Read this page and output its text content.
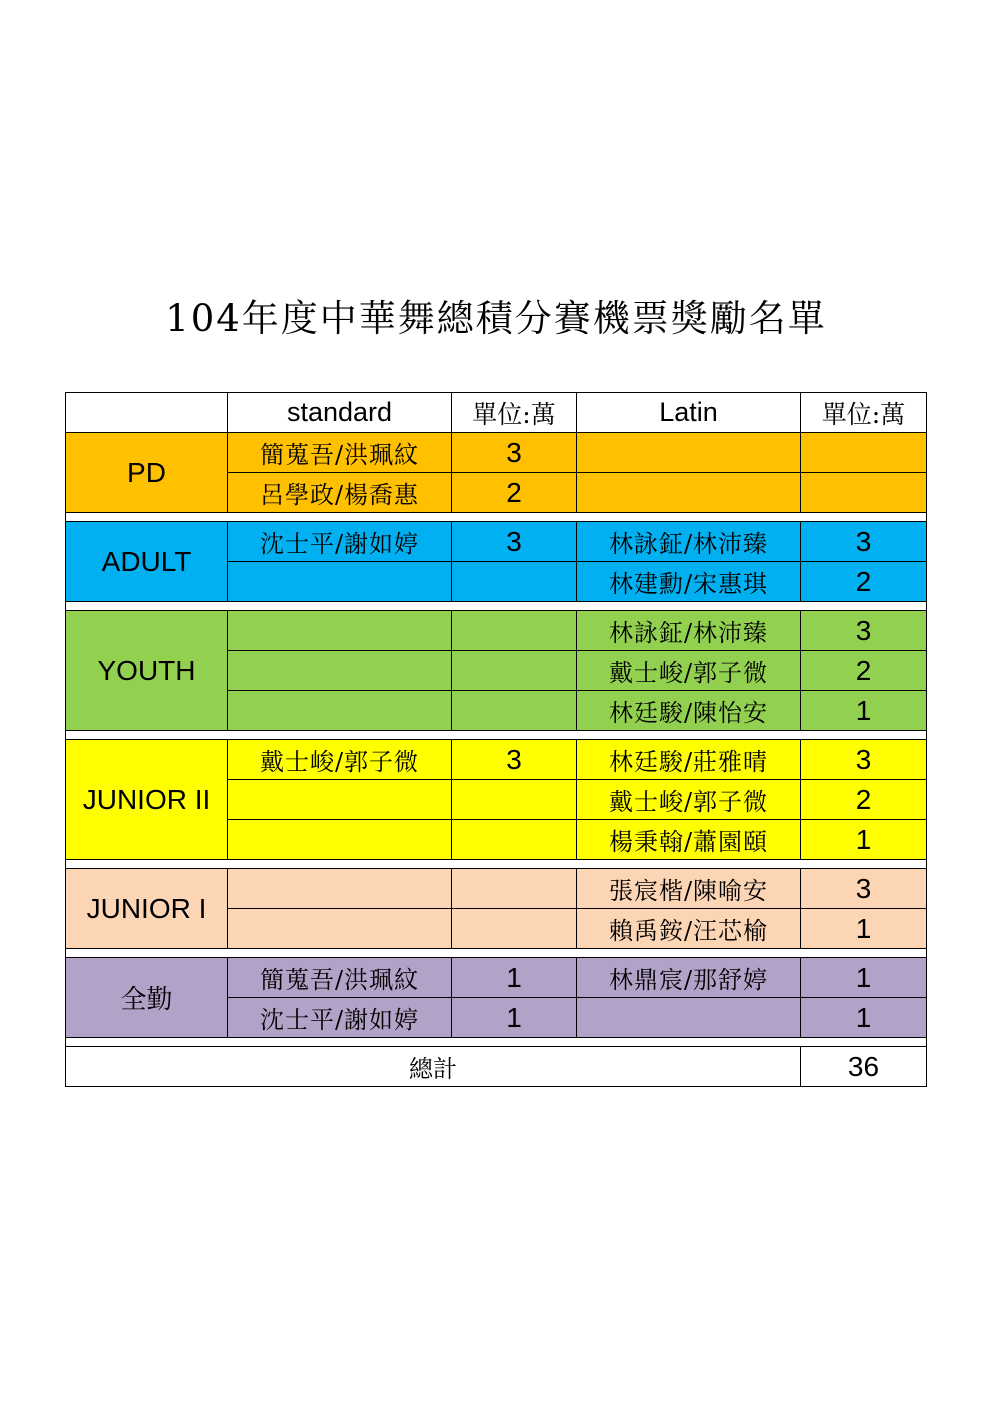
104年度中華舞總積分賽機票獎勵名單
	standard	單位:萬	Latin	單位:萬
PD	簡蒐吾/洪珮紋	3		
	呂學政/楊喬惠	2		

ADULT	沈士平/謝如婷	3	林詠鉦/林沛臻	3
			林建勳/宋惠琪	2

YOUTH			林詠鉦/林沛臻	3
			戴士峻/郭子微	2
			林廷駿/陳怡安	1

JUNIOR II	戴士峻/郭子微	3	林廷駿/莊雅晴	3
			戴士峻/郭子微	2
			楊秉翰/蕭園頤	1

JUNIOR I			張宸楷/陳喻安	3
			賴禹銨/汪芯榆	1

全勤	簡蒐吾/洪珮紋	1	林鼎宸/那舒婷	1
	沈士平/謝如婷	1		1

總計				36
